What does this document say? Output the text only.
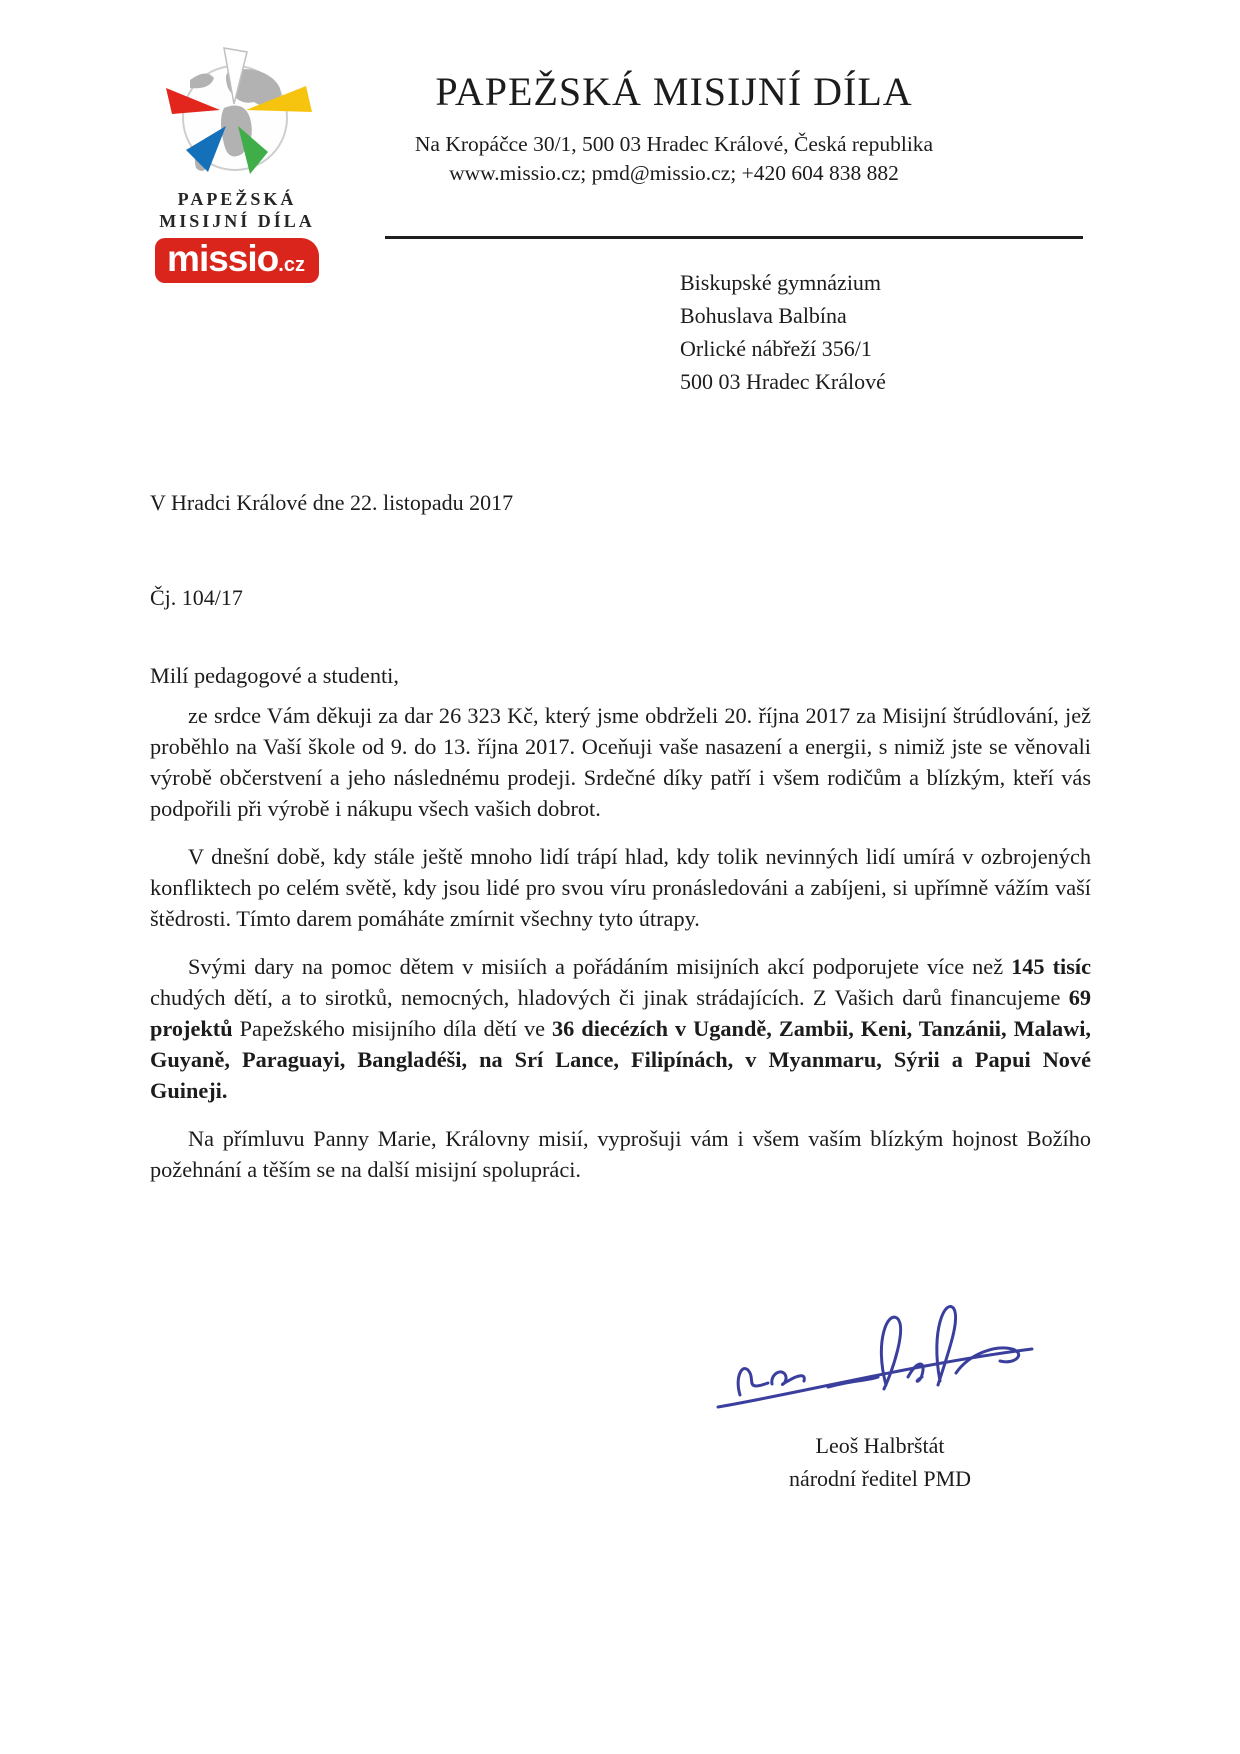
PAPEŽSKÁ
MISIJNÍ DÍLA
missio.cz
PAPEŽSKÁ MISIJNÍ DÍLA
Na Kropáčce 30/1, 500 03 Hradec Králové, Česká republika
www.missio.cz; pmd@missio.cz; +420 604 838 882
Biskupské gymnázium
Bohuslava Balbína
Orlické nábřeží 356/1
500 03 Hradec Králové
V Hradci Králové dne 22. listopadu 2017
Čj. 104/17

Milí pedagogové a studenti,

ze srdce Vám děkuji za dar 26 323 Kč, který jsme obdrželi 20. října 2017 za Misijní štrúdlování, jež proběhlo na Vaší škole od 9. do 13. října 2017. Oceňuji vaše nasazení a energii, s nimiž jste se věnovali výrobě občerstvení a jeho následnému prodeji. Srdečné díky patří i všem rodičům a blízkým, kteří vás podpořili při výrobě i nákupu všech vašich dobrot.

V dnešní době, kdy stále ještě mnoho lidí trápí hlad, kdy tolik nevinných lidí umírá v ozbrojených konfliktech po celém světě, kdy jsou lidé pro svou víru pronásledováni a zabíjeni, si upřímně vážím vaší štědrosti. Tímto darem pomáháte zmírnit všechny tyto útrapy.

Svými dary na pomoc dětem v misiích a pořádáním misijních akcí podporujete více než 145 tisíc chudých dětí, a to sirotků, nemocných, hladových či jinak strádajících. Z Vašich darů financujeme 69 projektů Papežského misijního díla dětí ve 36 diecézích v Ugandě, Zambii, Keni, Tanzánii, Malawi, Guyaně, Paraguayi, Bangladéši, na Srí Lance, Filipínách, v Myanmaru, Sýrii a Papui Nové Guineji.

Na přímluvu Panny Marie, Královny misií, vyprošuji vám i všem vaším blízkým hojnost Božího požehnání a těším se na další misijní spolupráci.

Leoš Halbrštát
národní ředitel PMD
